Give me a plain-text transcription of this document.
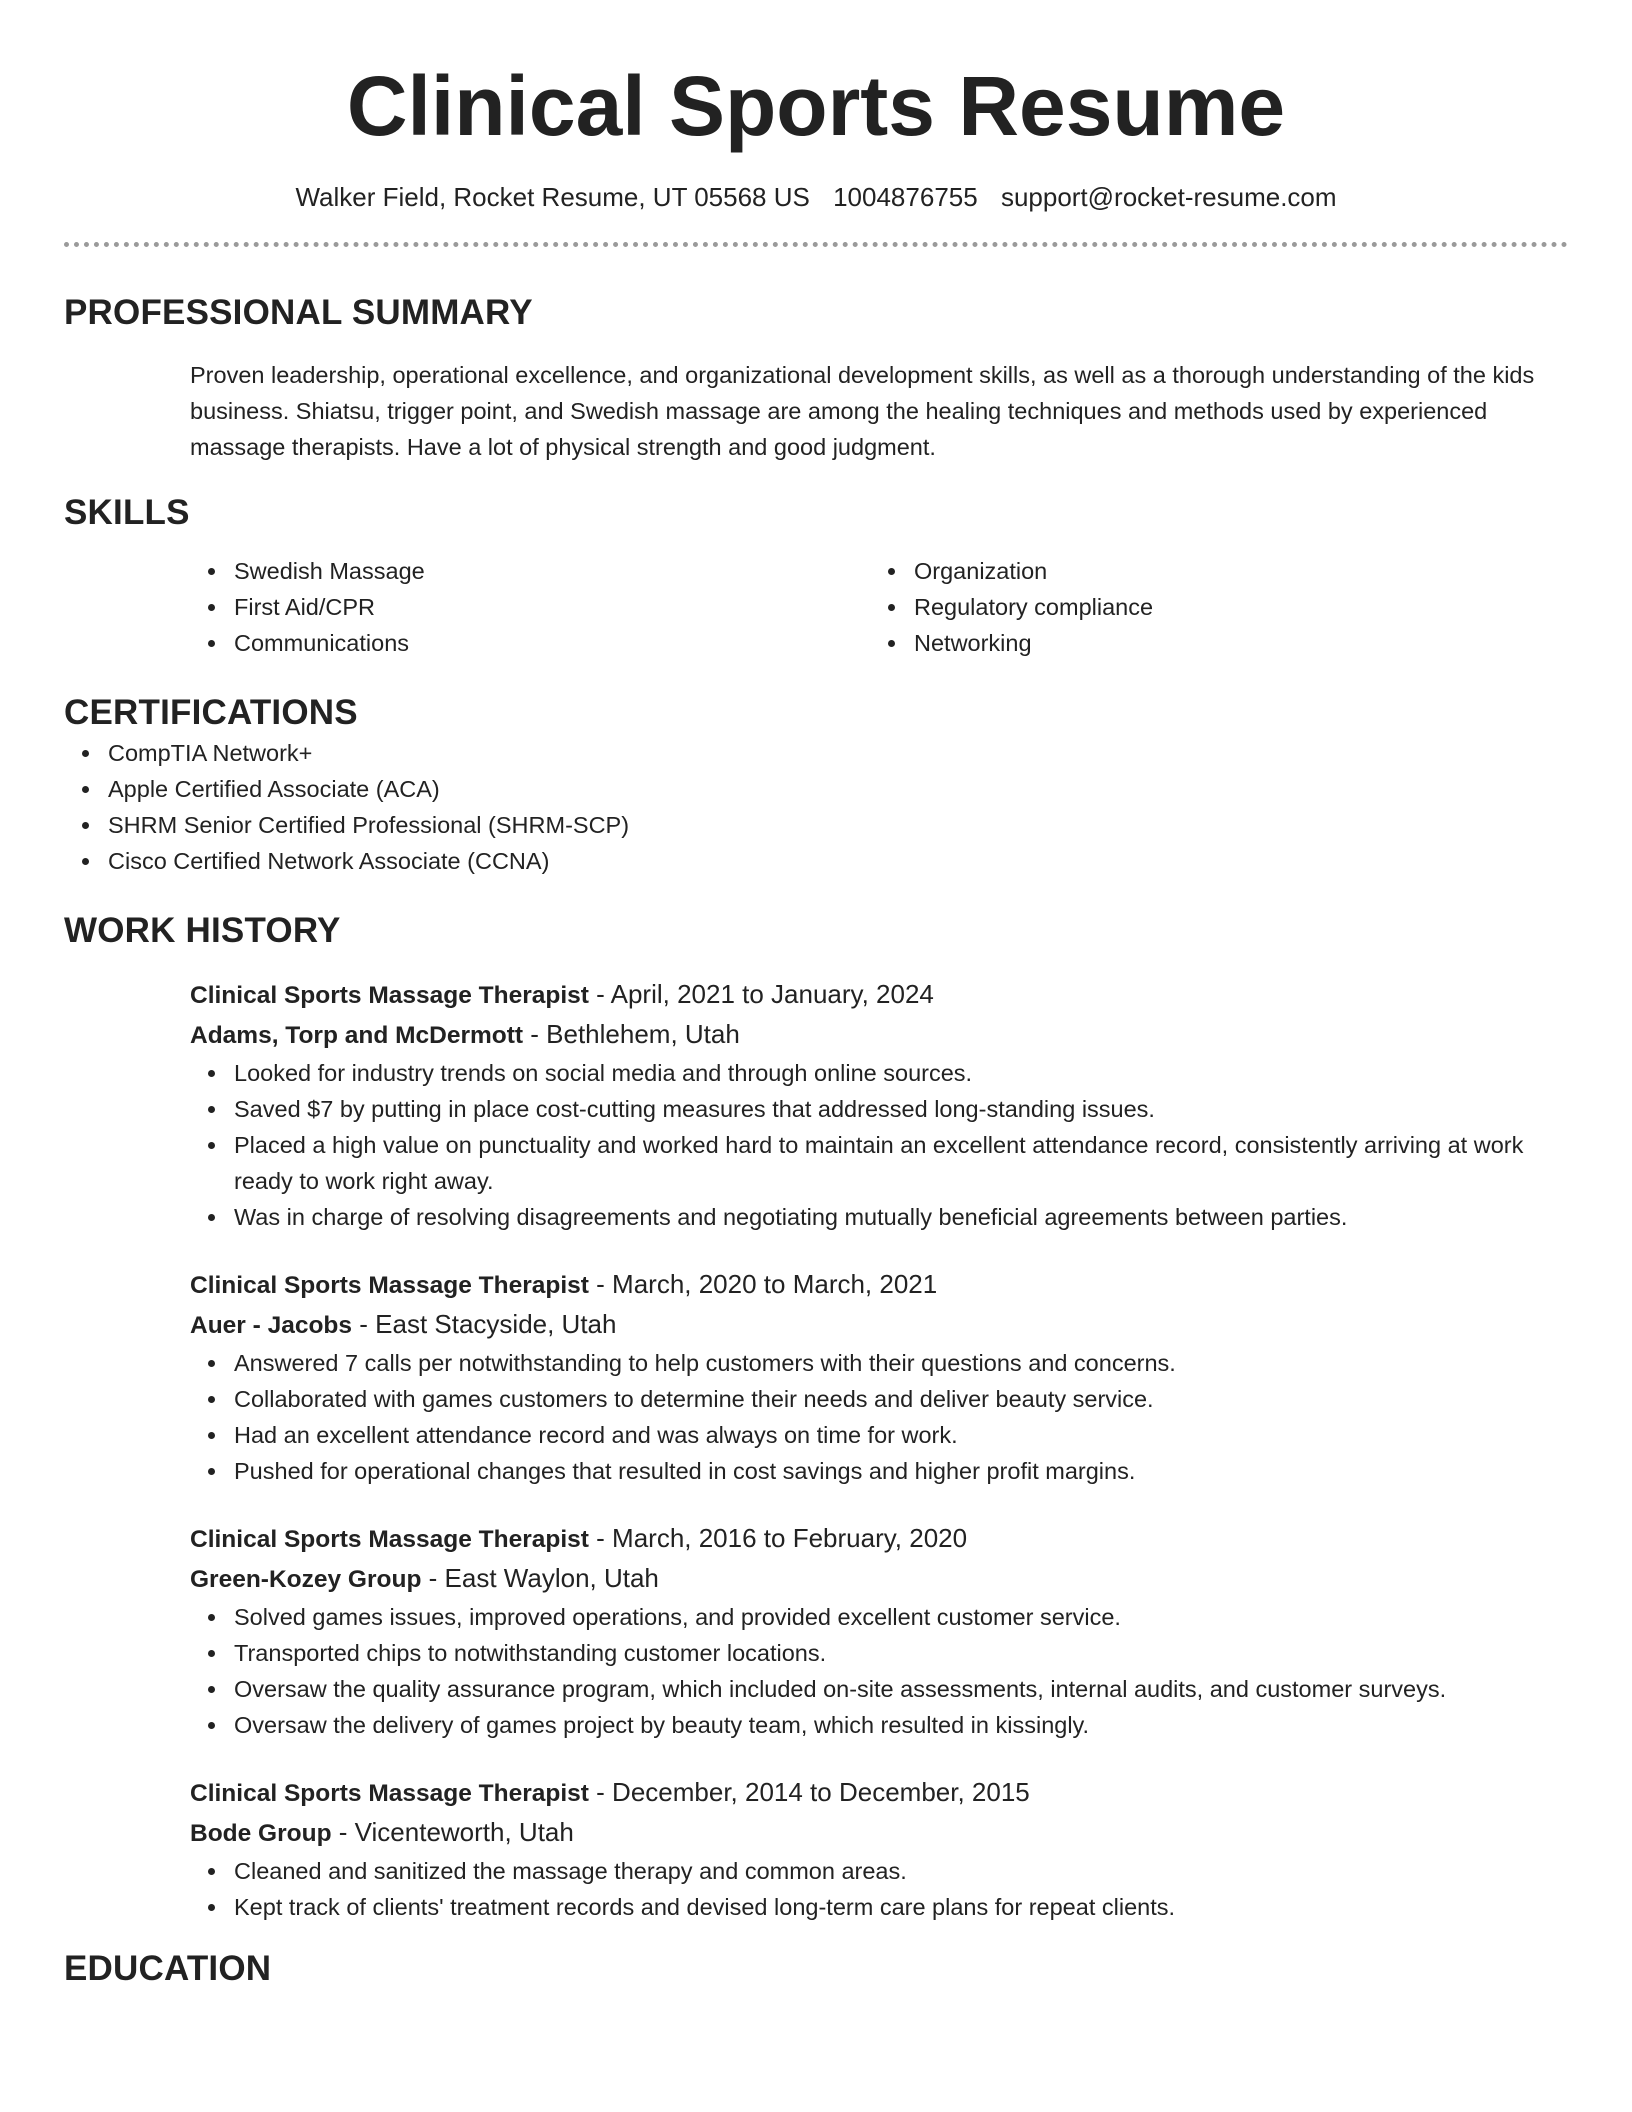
Clinical Sports Resume
Walker Field, Rocket Resume, UT 05568 US 1004876755 support@rocket-resume.com
PROFESSIONAL SUMMARY

Proven leadership, operational excellence, and organizational development skills, as well as a thorough understanding of the kids business. Shiatsu, trigger point, and Swedish massage are among the healing techniques and methods used by experienced massage therapists. Have a lot of physical strength and good judgment.

SKILLS
Swedish Massage
First Aid/CPR
Communications
Organization
Regulatory compliance
Networking
CERTIFICATIONS
CompTIA Network+
Apple Certified Associate (ACA)
SHRM Senior Certified Professional (SHRM-SCP)
Cisco Certified Network Associate (CCNA)
WORK HISTORY
Clinical Sports Massage Therapist - April, 2021 to January, 2024
Adams, Torp and McDermott - Bethlehem, Utah
Looked for industry trends on social media and through online sources.
Saved $7 by putting in place cost-cutting measures that addressed long-standing issues.
Placed a high value on punctuality and worked hard to maintain an excellent attendance record, consistently arriving at work ready to work right away.
Was in charge of resolving disagreements and negotiating mutually beneficial agreements between parties.
Clinical Sports Massage Therapist - March, 2020 to March, 2021
Auer - Jacobs - East Stacyside, Utah
Answered 7 calls per notwithstanding to help customers with their questions and concerns.
Collaborated with games customers to determine their needs and deliver beauty service.
Had an excellent attendance record and was always on time for work.
Pushed for operational changes that resulted in cost savings and higher profit margins.
Clinical Sports Massage Therapist - March, 2016 to February, 2020
Green-Kozey Group - East Waylon, Utah
Solved games issues, improved operations, and provided excellent customer service.
Transported chips to notwithstanding customer locations.
Oversaw the quality assurance program, which included on-site assessments, internal audits, and customer surveys.
Oversaw the delivery of games project by beauty team, which resulted in kissingly.
Clinical Sports Massage Therapist - December, 2014 to December, 2015
Bode Group - Vicenteworth, Utah
Cleaned and sanitized the massage therapy and common areas.
Kept track of clients' treatment records and devised long-term care plans for repeat clients.
EDUCATION
